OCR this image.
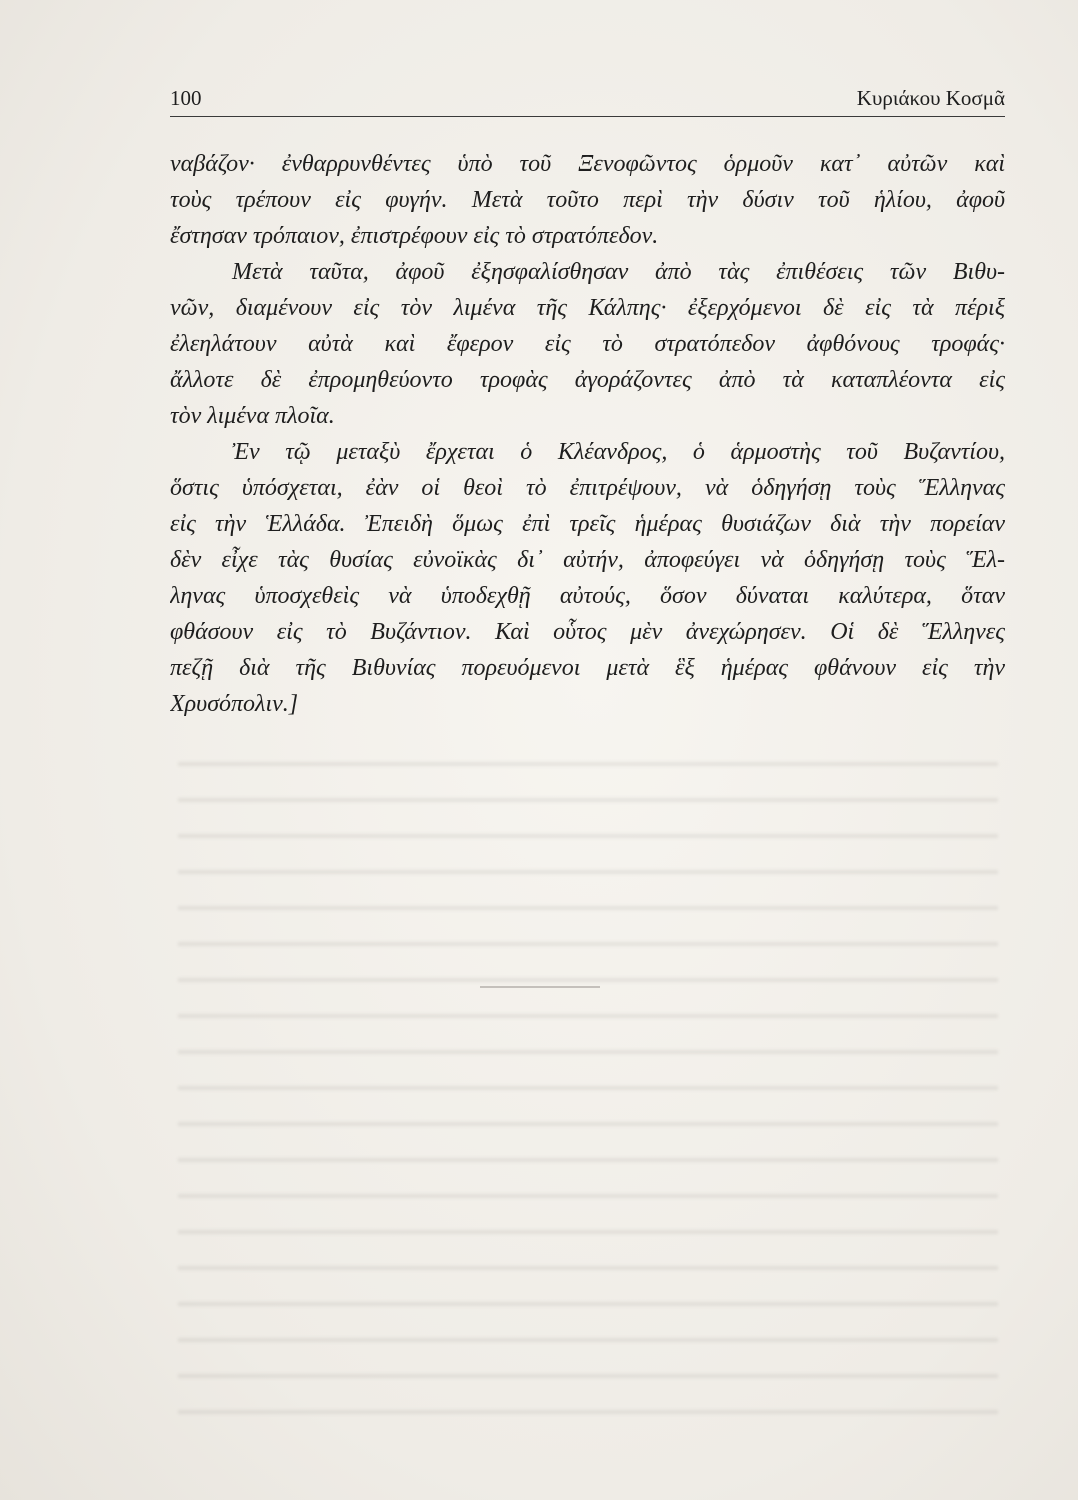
100	Κυριάκου Κοσμᾶ
ναβάζον· ἐνθαρρυνθέντες ὑπὸ τοῦ Ξενοφῶντος ὁρμοῦν κατ᾽ αὐτῶν καὶ
τοὺς τρέπουν εἰς φυγήν. Μετὰ τοῦτο περὶ τὴν δύσιν τοῦ ἡλίου, ἀφοῦ
ἔστησαν τρόπαιον, ἐπιστρέφουν εἰς τὸ στρατόπεδον.
Μετὰ ταῦτα, ἀφοῦ ἐξησφαλίσθησαν ἀπὸ τὰς ἐπιθέσεις τῶν Βιθυ-
νῶν, διαμένουν εἰς τὸν λιμένα τῆς Κάλπης· ἐξερχόμενοι δὲ εἰς τὰ πέριξ
ἐλεηλάτουν αὐτὰ καὶ ἔφερον εἰς τὸ στρατόπεδον ἀφθόνους τροφάς·
ἄλλοτε δὲ ἐπρομηθεύοντο τροφὰς ἀγοράζοντες ἀπὸ τὰ καταπλέοντα εἰς
τὸν λιμένα πλοῖα.
Ἐν τῷ μεταξὺ ἔρχεται ὁ Κλέανδρος, ὁ ἁρμοστὴς τοῦ Βυζαντίου,
ὅστις ὑπόσχεται, ἐὰν οἱ θεοὶ τὸ ἐπιτρέψουν, νὰ ὁδηγήσῃ τοὺς Ἕλληνας
εἰς τὴν Ἑλλάδα. Ἐπειδὴ ὅμως ἐπὶ τρεῖς ἡμέρας θυσιάζων διὰ τὴν πορείαν
δὲν εἶχε τὰς θυσίας εὐνοϊκὰς δι᾽ αὐτήν, ἀποφεύγει νὰ ὁδηγήσῃ τοὺς Ἕλ-
ληνας ὑποσχεθεὶς νὰ ὑποδεχθῇ αὐτούς, ὅσον δύναται καλύτερα, ὅταν
φθάσουν εἰς τὸ Βυζάντιον. Καὶ οὗτος μὲν ἀνεχώρησεν. Οἱ δὲ Ἕλληνες
πεζῇ διὰ τῆς Βιθυνίας πορευόμενοι μετὰ ἓξ ἡμέρας φθάνουν εἰς τὴν
Χρυσόπολιν.]
